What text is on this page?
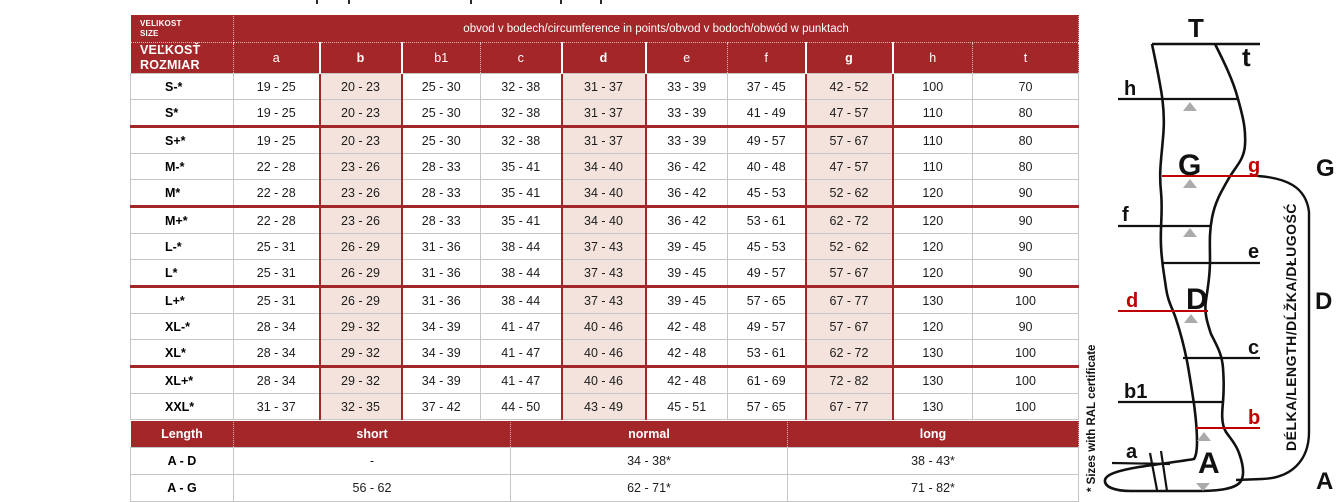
VELIKOST
SIZE	obvod v bodech/circumference in points/obvod v bodoch/obwód w punktach									

VEĽKOSŤ
ROZMIAR	a	b	b1	c	d	e	f	g	h	t
S-*	19 - 25	20 - 23	25 - 30	32 - 38	31 - 37	33 - 39	37 - 45	42 - 52	100	70
S*	19 - 25	20 - 23	25 - 30	32 - 38	31 - 37	33 - 39	41 - 49	47 - 57	110	80
S+*	19 - 25	20 - 23	25 - 30	32 - 38	31 - 37	33 - 39	49 - 57	57 - 67	110	80
M-*	22 - 28	23 - 26	28 - 33	35 - 41	34 - 40	36 - 42	40 - 48	47 - 57	110	80
M*	22 - 28	23 - 26	28 - 33	35 - 41	34 - 40	36 - 42	45 - 53	52 - 62	120	90
M+*	22 - 28	23 - 26	28 - 33	35 - 41	34 - 40	36 - 42	53 - 61	62 - 72	120	90
L-*	25 - 31	26 - 29	31 - 36	38 - 44	37 - 43	39 - 45	45 - 53	52 - 62	120	90
L*	25 - 31	26 - 29	31 - 36	38 - 44	37 - 43	39 - 45	49 - 57	57 - 67	120	90
L+*	25 - 31	26 - 29	31 - 36	38 - 44	37 - 43	39 - 45	57 - 65	67 - 77	130	100
XL-*	28 - 34	29 - 32	34 - 39	41 - 47	40 - 46	42 - 48	49 - 57	57 - 67	120	90
XL*	28 - 34	29 - 32	34 - 39	41 - 47	40 - 46	42 - 48	53 - 61	62 - 72	130	100
XL+*	28 - 34	29 - 32	34 - 39	41 - 47	40 - 46	42 - 48	61 - 69	72 - 82	130	100
XXL*	31 - 37	32 - 35	37 - 42	44 - 50	43 - 49	45 - 51	57 - 65	67 - 77	130	100
Length	short	normal	long
A - D	-	34 - 38*	38 - 43*
A - G	56 - 62	62 - 71*	71 - 82*	* Sizes with RAL certificate
T
t
h
g
G
f
e
d D
c
b1
b
a A
G
D
A
DÉLKA/LENGTH/DĹŽKA/DŁUGOŚĆ
